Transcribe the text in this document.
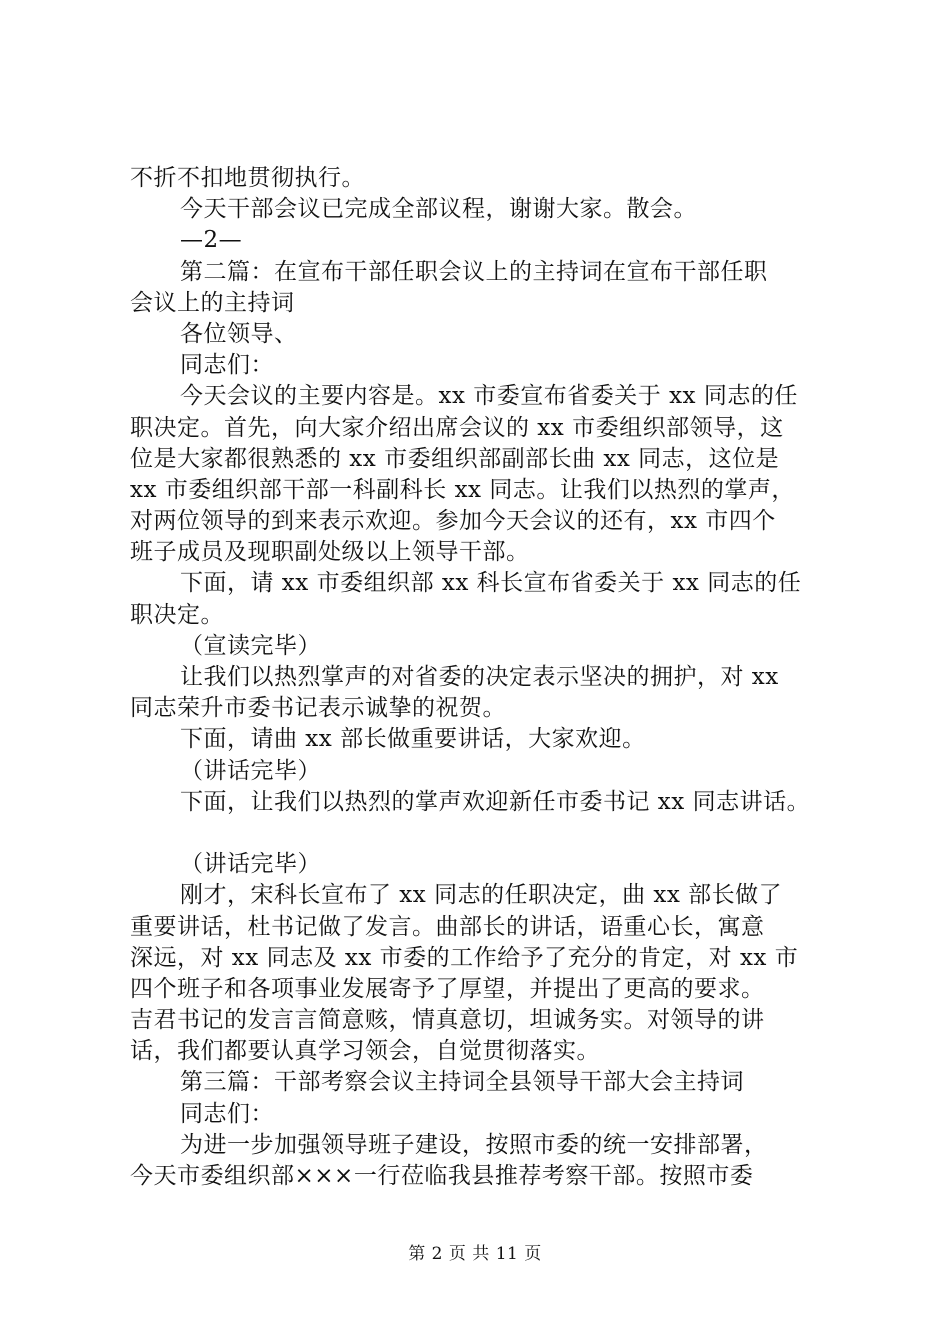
不折不扣地贯彻执行。
今天干部会议已完成全部议程，谢谢大家。散会。
—2—
第二篇：在宣布干部任职会议上的主持词在宣布干部任职
会议上的主持词
各位领导、
同志们：
今天会议的主要内容是。xx 市委宣布省委关于 xx 同志的任
职决定。首先，向大家介绍出席会议的 xx 市委组织部领导，这
位是大家都很熟悉的 xx 市委组织部副部长曲 xx 同志，这位是
xx 市委组织部干部一科副科长 xx 同志。让我们以热烈的掌声，
对两位领导的到来表示欢迎。参加今天会议的还有，xx 市四个
班子成员及现职副处级以上领导干部。
下面，请 xx 市委组织部 xx 科长宣布省委关于 xx 同志的任
职决定。
（宣读完毕）
让我们以热烈掌声的对省委的决定表示坚决的拥护，对 xx
同志荣升市委书记表示诚挚的祝贺。
下面，请曲 xx 部长做重要讲话，大家欢迎。
（讲话完毕）
下面，让我们以热烈的掌声欢迎新任市委书记 xx 同志讲话。
（讲话完毕）
刚才，宋科长宣布了 xx 同志的任职决定，曲 xx 部长做了
重要讲话，杜书记做了发言。曲部长的讲话，语重心长，寓意
深远，对 xx 同志及 xx 市委的工作给予了充分的肯定，对 xx 市
四个班子和各项事业发展寄予了厚望，并提出了更高的要求。
吉君书记的发言言简意赅，情真意切，坦诚务实。对领导的讲
话，我们都要认真学习领会，自觉贯彻落实。
第三篇：干部考察会议主持词全县领导干部大会主持词
同志们：
为进一步加强领导班子建设，按照市委的统一安排部署，
今天市委组织部×××一行莅临我县推荐考察干部。按照市委
第 2 页 共 11 页
